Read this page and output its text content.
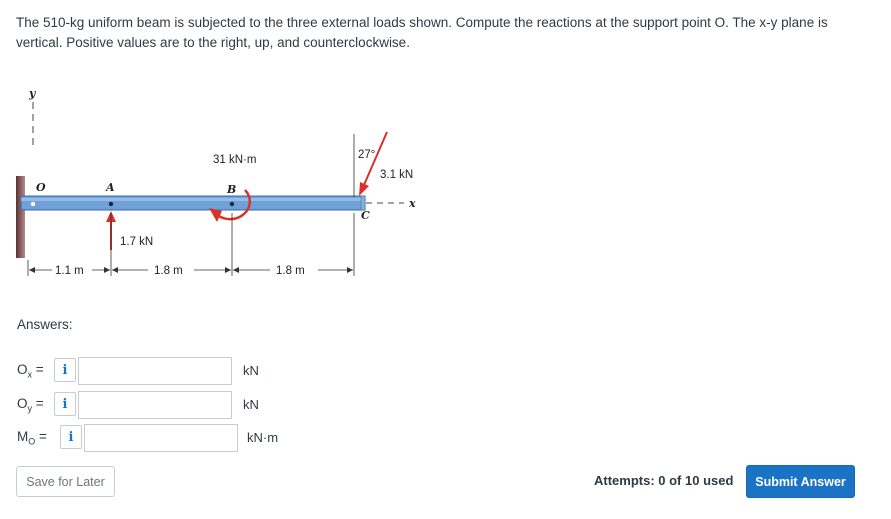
The 510-kg uniform beam is subjected to the three external loads shown. Compute the reactions at the support point O. The x-y plane is vertical. Positive values are to the right, up, and counterclockwise.
y
O	A	B
C
x
1.7 kN
31 kN·m	27°
3.1 kN
1.1 m	1.8 m	1.8 m
Answers:
$O_x$ =	i	kN
$O_y$ =	i	kN
$M_O$ =	i	kN·m
Save for Later	Attempts: 0 of 10 used	Submit Answer
